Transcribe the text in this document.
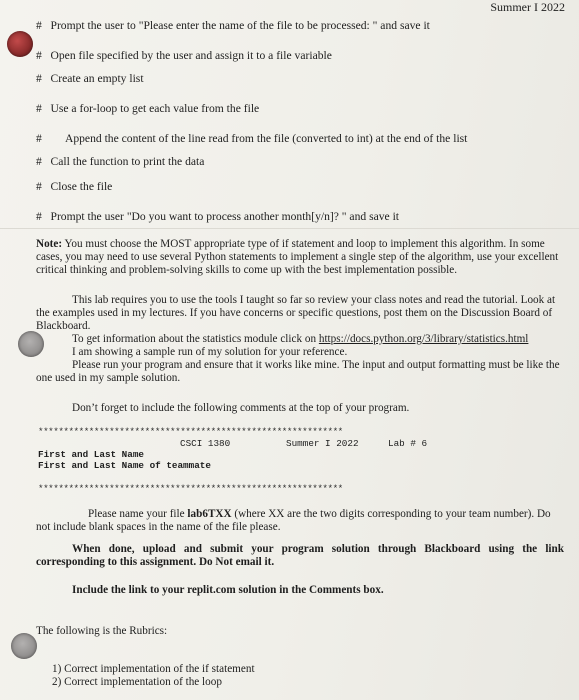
Summer I 2022
# Prompt the user to "Please enter the name of the file to be processed: " and save it
# Open file specified by the user and assign it to a file variable
# Create an empty list
# Use a for-loop to get each value from the file
# Append the content of the line read from the file (converted to int) at the end of the list
# Call the function to print the data
# Close the file
# Prompt the user "Do you want to process another month[y/n]? " and save it
Note: You must choose the MOST appropriate type of if statement and loop to implement this algorithm. In some cases, you may need to use several Python statements to implement a single step of the algorithm, use your excellent critical thinking and problem-solving skills to come up with the best implementation possible.
This lab requires you to use the tools I taught so far so review your class notes and read the tutorial. Look at the examples used in my lectures. If you have concerns or specific questions, post them on the Discussion Board of Blackboard.
To get information about the statistics module click on https://docs.python.org/3/library/statistics.html
I am showing a sample run of my solution for your reference.
Please run your program and ensure that it works like mine. The input and output formatting must be like the one used in my sample solution.
Don’t forget to include the following comments at the top of your program.
************************************************************
CSCI 1380	Summer I 2022	Lab # 6
First and Last Name
First and Last Name of teammate
************************************************************
Please name your file lab6TXX (where XX are the two digits corresponding to your team number). Do not include blank spaces in the name of the file please.
When done, upload and submit your program solution through Blackboard using the link corresponding to this assignment. Do Not email it.
Include the link to your replit.com solution in the Comments box.
The following is the Rubrics:
1) Correct implementation of the if statement
2) Correct implementation of the loop
